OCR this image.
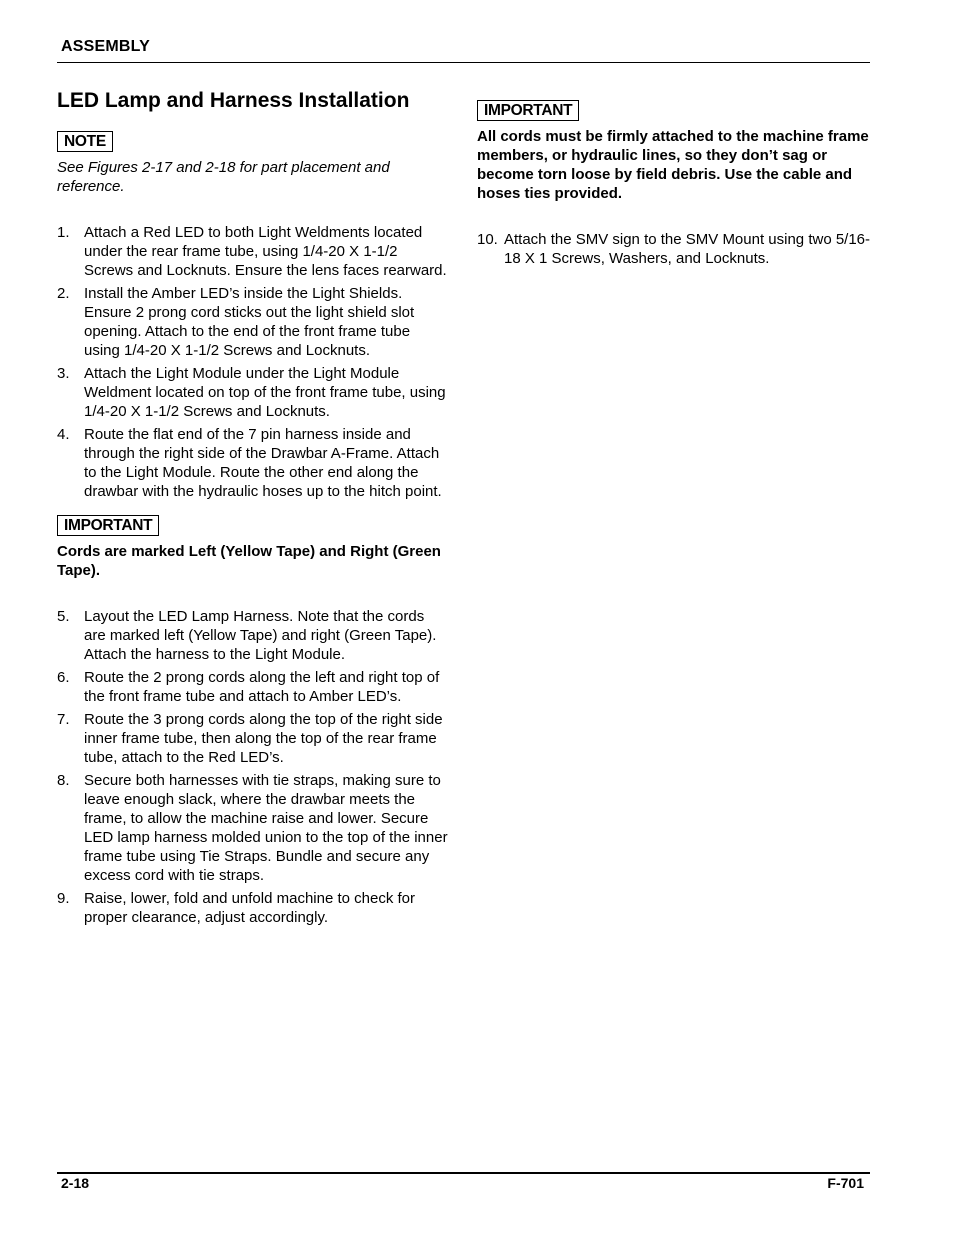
ASSEMBLY
LED Lamp and Harness Installation
NOTE

See Figures 2-17 and 2-18 for part placement and reference.

1. Attach a Red LED to both Light Weldments located under the rear frame tube, using 1/4-20 X 1-1/2 Screws and Locknuts. Ensure the lens faces rearward.
2. Install the Amber LED’s inside the Light Shields. Ensure 2 prong cord sticks out the light shield slot opening. Attach to the end of the front frame tube using 1/4-20 X 1-1/2 Screws and Locknuts.
3. Attach the Light Module under the Light Module Weldment located on top of the front frame tube, using 1/4-20 X 1-1/2 Screws and Locknuts.
4. Route the flat end of the 7 pin harness inside and through the right side of the Drawbar A-Frame. Attach to the Light Module. Route the other end along the drawbar with the hydraulic hoses up to the hitch point.
IMPORTANT

Cords are marked Left (Yellow Tape) and Right (Green Tape).

5. Layout the LED Lamp Harness. Note that the cords are marked left (Yellow Tape) and right (Green Tape). Attach the harness to the Light Module.
6. Route the 2 prong cords along the left and right top of the front frame tube and attach to Amber LED’s.
7. Route the 3 prong cords along the top of the right side inner frame tube, then along the top of the rear frame tube, attach to the Red LED’s.
8. Secure both harnesses with tie straps, making sure to leave enough slack, where the drawbar meets the frame, to allow the machine raise and lower. Secure LED lamp harness molded union to the top of the inner frame tube using Tie Straps. Bundle and secure any excess cord with tie straps.
9. Raise, lower, fold and unfold machine to check for proper clearance, adjust accordingly.
IMPORTANT

All cords must be firmly attached to the machine frame members, or hydraulic lines, so they don’t sag or become torn loose by field debris. Use the cable and hoses ties provided.

10. Attach the SMV sign to the SMV Mount using two 5/16-18 X 1 Screws, Washers, and Locknuts.
2-18	F-701
